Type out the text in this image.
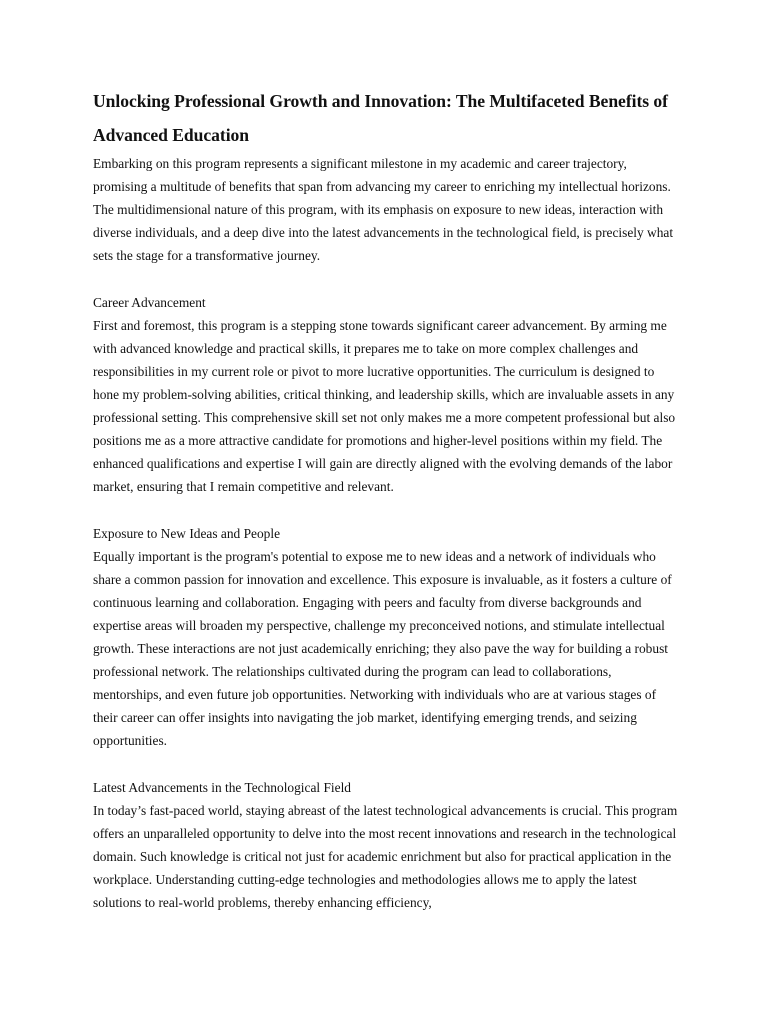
Unlocking Professional Growth and Innovation: The Multifaceted Benefits of Advanced Education

Embarking on this program represents a significant milestone in my academic and career trajectory, promising a multitude of benefits that span from advancing my career to enriching my intellectual horizons. The multidimensional nature of this program, with its emphasis on exposure to new ideas, interaction with diverse individuals, and a deep dive into the latest advancements in the technological field, is precisely what sets the stage for a transformative journey.

Career Advancement

First and foremost, this program is a stepping stone towards significant career advancement. By arming me with advanced knowledge and practical skills, it prepares me to take on more complex challenges and responsibilities in my current role or pivot to more lucrative opportunities. The curriculum is designed to hone my problem-solving abilities, critical thinking, and leadership skills, which are invaluable assets in any professional setting. This comprehensive skill set not only makes me a more competent professional but also positions me as a more attractive candidate for promotions and higher-level positions within my field. The enhanced qualifications and expertise I will gain are directly aligned with the evolving demands of the labor market, ensuring that I remain competitive and relevant.

Exposure to New Ideas and People

Equally important is the program's potential to expose me to new ideas and a network of individuals who share a common passion for innovation and excellence. This exposure is invaluable, as it fosters a culture of continuous learning and collaboration. Engaging with peers and faculty from diverse backgrounds and expertise areas will broaden my perspective, challenge my preconceived notions, and stimulate intellectual growth. These interactions are not just academically enriching; they also pave the way for building a robust professional network. The relationships cultivated during the program can lead to collaborations, mentorships, and even future job opportunities. Networking with individuals who are at various stages of their career can offer insights into navigating the job market, identifying emerging trends, and seizing opportunities.

Latest Advancements in the Technological Field

In today’s fast-paced world, staying abreast of the latest technological advancements is crucial. This program offers an unparalleled opportunity to delve into the most recent innovations and research in the technological domain. Such knowledge is critical not just for academic enrichment but also for practical application in the workplace. Understanding cutting-edge technologies and methodologies allows me to apply the latest solutions to real-world problems, thereby enhancing efficiency,
